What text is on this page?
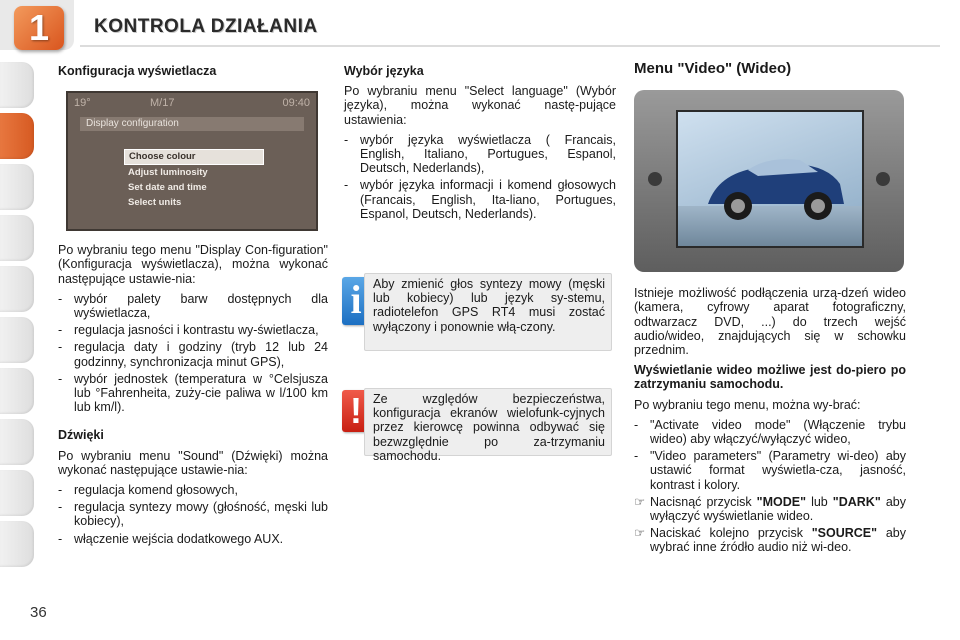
1	KONTROLA DZIAŁANIA
Konfiguracja wyświetlacza
19°	M/17	09:40
Display configuration
Choose colour
Adjust luminosity
Set date and time
Select units

Po wybraniu tego menu "Display Con-figuration" (Konfiguracja wyświetlacza), można wykonać następujące ustawie-nia:

- wybór palety barw dostępnych dla wyświetlacza,
- regulacja jasności i kontrastu wy-świetlacza,
- regulacja daty i godziny (tryb 12 lub 24 godzinny, synchronizacja minut GPS),
- wybór jednostek (temperatura w °Celsjusza lub °Fahrenheita, zuży-cie paliwa w l/100 km lub km/l).
Dźwięki

Po wybraniu menu "Sound" (Dźwięki) można wykonać następujące ustawie-nia:

- regulacja komend głosowych,
- regulacja syntezy mowy (głośność, męski lub kobiecy),
- włączenie wejścia dodatkowego AUX.
Wybór języka

Po wybraniu menu "Select language" (Wybór języka), można wykonać nastę-pujące ustawienia:

- wybór języka wyświetlacza ( Francais, English, Italiano, Portugues, Espanol, Deutsch, Nederlands),
- wybór języka informacji i komend głosowych (Francais, English, Ita-liano, Portugues, Espanol, Deutsch, Nederlands).
i Aby zmienić głos syntezy mowy (męski lub kobiecy) lub język sy-stemu, radiotelefon GPS RT4 musi zostać wyłączony i ponownie włą-czony.
! Ze względów bezpieczeństwa, konfiguracja ekranów wielofunk-cyjnych przez kierowcę powinna odbywać się bezwzględnie po za-trzymaniu samochodu.
Menu "Video" (Wideo)

Istnieje możliwość podłączenia urzą-dzeń wideo (kamera, cyfrowy aparat fotograficzny, odtwarzacz DVD, ...) do trzech wejść audio/wideo, znajdujących się w schowku przednim.

Wyświetlanie wideo możliwe jest do-piero po zatrzymaniu samochodu.

Po wybraniu tego menu, można wy-brać:

- "Activate video mode" (Włączenie trybu wideo) aby włączyć/wyłączyć wideo,
- "Video parameters" (Parametry wi-deo) aby ustawić format wyświetla-cza, jasność, kontrast i kolory.
☞ Nacisnąć przycisk "MODE" lub "DARK" aby wyłączyć wyświetlanie wideo.
☞ Naciskać kolejno przycisk "SOURCE" aby wybrać inne źródło audio niż wi-deo.
36
